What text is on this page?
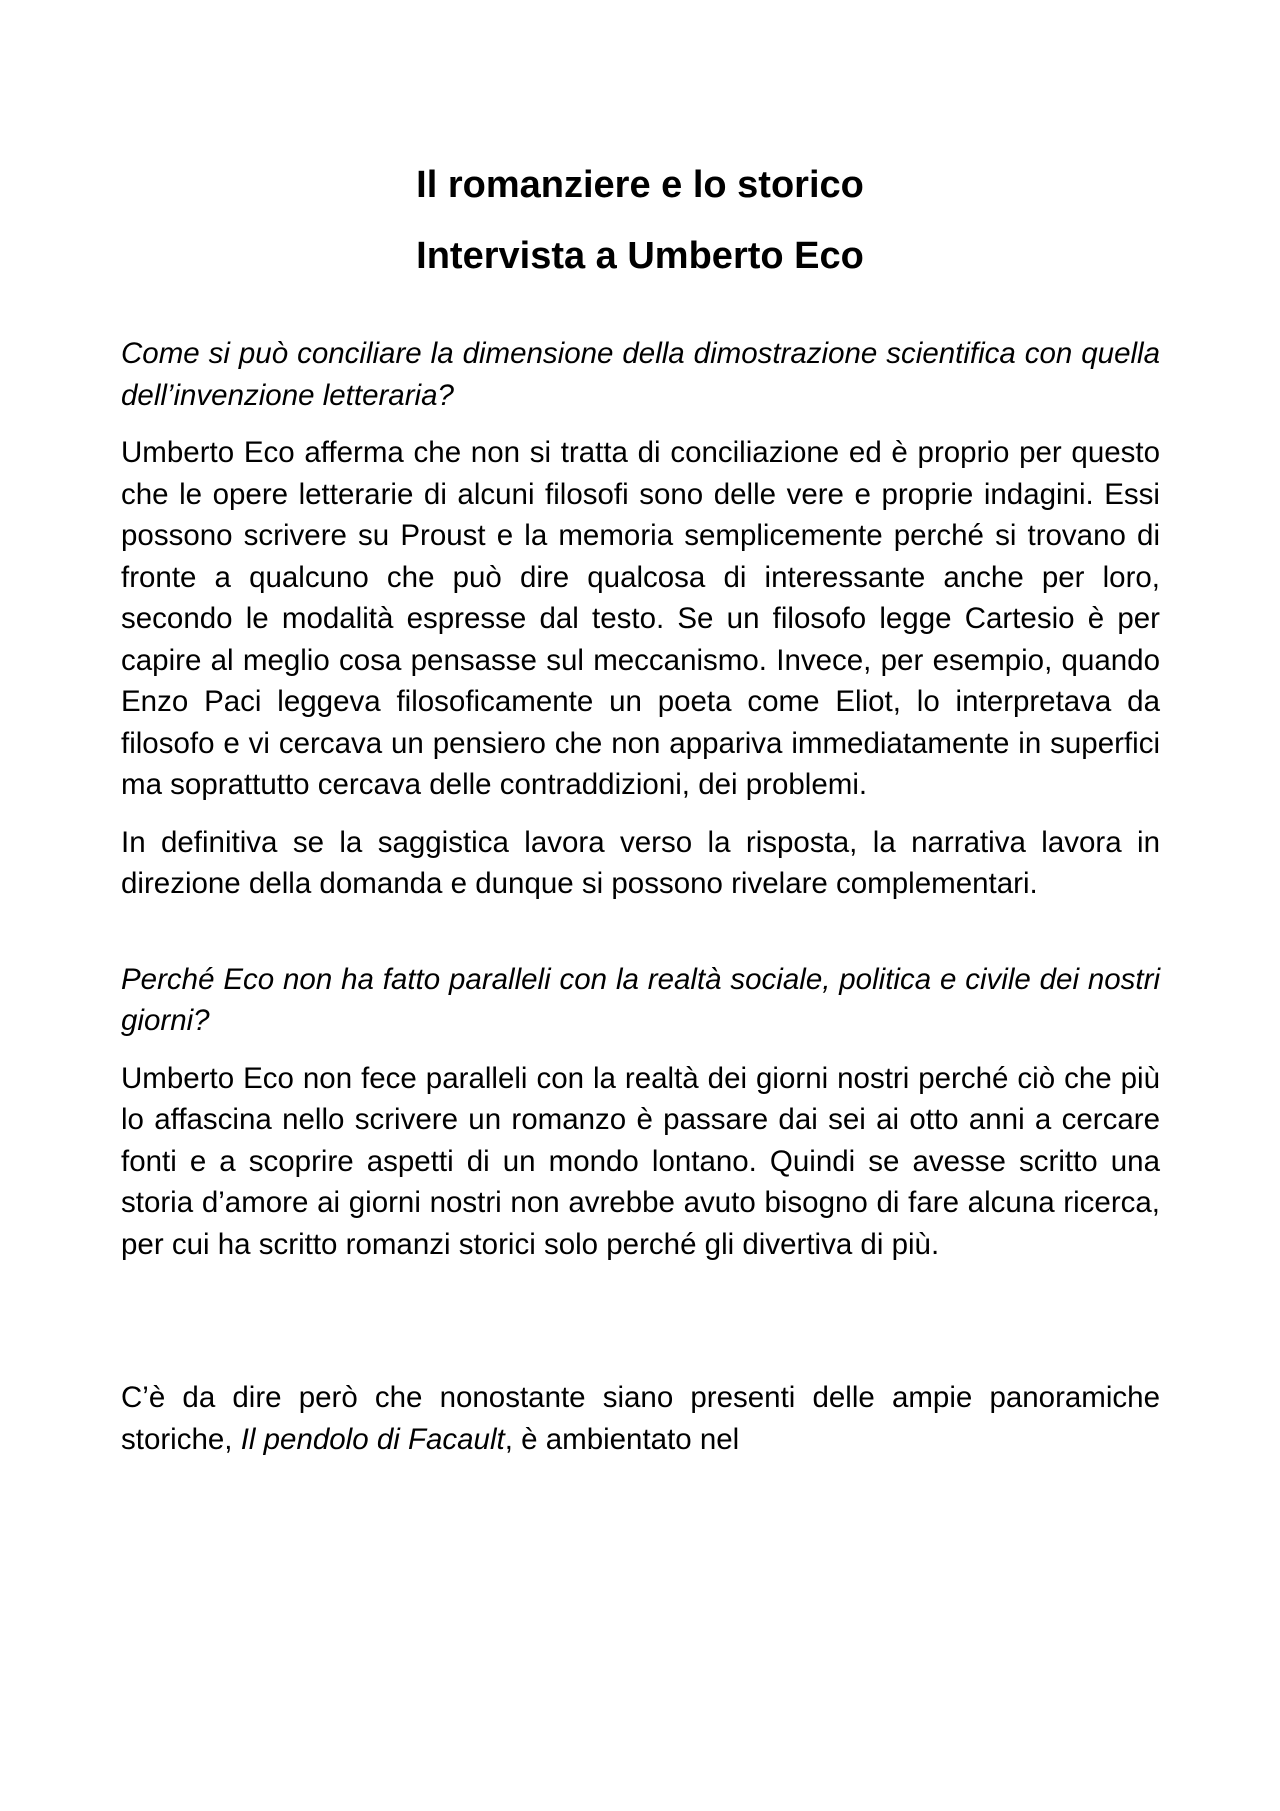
Il romanziere e lo storico

Intervista a Umberto Eco

Come si può conciliare la dimensione della dimostrazione scientifica con quella dell’invenzione letteraria?

Umberto Eco afferma che non si tratta di conciliazione ed è proprio per questo che le opere letterarie di alcuni filosofi sono delle vere e proprie indagini. Essi possono scrivere su Proust e la memoria semplicemente perché si trovano di fronte a qualcuno che può dire qualcosa di interessante anche per loro, secondo le modalità espresse dal testo. Se un filosofo legge Cartesio è per capire al meglio cosa pensasse sul meccanismo. Invece, per esempio, quando Enzo Paci leggeva filosoficamente un poeta come Eliot, lo interpretava da filosofo e vi cercava un pensiero che non appariva immediatamente in superfici ma soprattutto cercava delle contraddizioni, dei problemi.

In definitiva se la saggistica lavora verso la risposta, la narrativa lavora in direzione della domanda e dunque si possono rivelare complementari.

Perché Eco non ha fatto paralleli con la realtà sociale, politica e civile dei nostri giorni?

Umberto Eco non fece paralleli con la realtà dei giorni nostri perché ciò che più lo affascina nello scrivere un romanzo è passare dai sei ai otto anni a cercare fonti e a scoprire aspetti di un mondo lontano. Quindi se avesse scritto una storia d’amore ai giorni nostri non avrebbe avuto bisogno di fare alcuna ricerca, per cui ha scritto romanzi storici solo perché gli divertiva di più.

C’è da dire però che nonostante siano presenti delle ampie panoramiche storiche, Il pendolo di Facault, è ambientato nel
